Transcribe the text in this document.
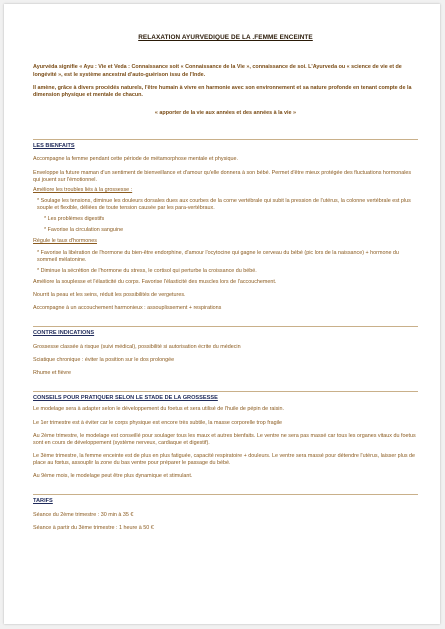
RELAXATION AYURVEDIQUE DE LA .FEMME ENCEINTE

Ayurvéda signifie « Ayu : Vie et Veda : Connaissance soit « Connaissance de la Vie », connaissance de soi. L'Ayurveda ou « science de vie et de longévité », est le système ancestral d'auto-guérison issu de l'Inde.

Il amène, grâce à divers procédés naturels, l'être humain à vivre en harmonie avec son environnement et sa nature profonde en tenant compte de la dimension physique et mentale de chacun.

« apporter de la vie aux années et des années à la vie »

LES BIENFAITS

Accompagne la femme pendant cette période de métamorphose mentale et physique.

Enveloppe la future maman d'un sentiment de bienveillance et d'amour qu'elle donnera à son bébé. Permet d'être mieux protégée des fluctuations hormonales qui jouent sur l'émotionnel.

Améliore les troubles liés à la grossesse :

* Soulage les tensions, diminue les douleurs dorsales dues aux courbes de la corne vertébrale qui subit la pression de l'utérus, la colonne vertébrale est plus souple et flexible, déliées de toute tension causée par les para-vertébraux.

* Les problèmes digestifs

* Favorise la circulation sanguine

Régule le taux d'hormones

* Favorise la libération de l'hormone du bien-être endorphine, d'amour l'ocytocine qui gagne le cerveau du bébé (pic lors de la naissance) + hormone du sommeil mélatonine.

* Diminue la sécrétion de l'hormone du stress, le cortisol qui perturbe la croissance du bébé.

Améliore la souplesse et l'élasticité du corps. Favorise l'élasticité des muscles lors de l'accouchement.

Nourrit la peau et les seins, réduit les possibilités de vergetures.

Accompagne à un accouchement harmonieux : assouplissement + respirations

CONTRE INDICATIONS

Grossesse classée à risque (suivi médical), possibilité si autorisation écrite du médecin

Sciatique chronique : éviter la position sur le dos prolongée

Rhume et fièvre

CONSEILS POUR PRATIQUER SELON LE STADE DE LA GROSSESSE

Le modelage sera à adapter selon le développement du foetus et sera utilisé de l'huile de pépin de raisin.

Le 1er trimestre est à éviter car le corps physique est encore très subtile, la masse corporelle trop fragile

Au 2ème trimestre, le modelage est conseillé pour soulager tous les maux et autres bienfaits. Le ventre ne sera pas massé car tous les organes vitaux du foetus sont en cours de développement (système nerveux, cardiaque et digestif).

Le 3ème trimestre, la femme enceinte est de plus en plus fatiguée, capacité respiratoire + douleurs. Le ventre sera massé pour détendre l'utérus, laisser plus de place au fœtus, assouplir la zone du bas ventre pour préparer le passage du bébé.

Au 9ème mois, le modelage peut être plus dynamique et stimulant.

TARIFS

Séance du 2ème trimestre : 30 min à 35 €

Séance à partir du 3ème trimestre : 1 heure à 50 €
